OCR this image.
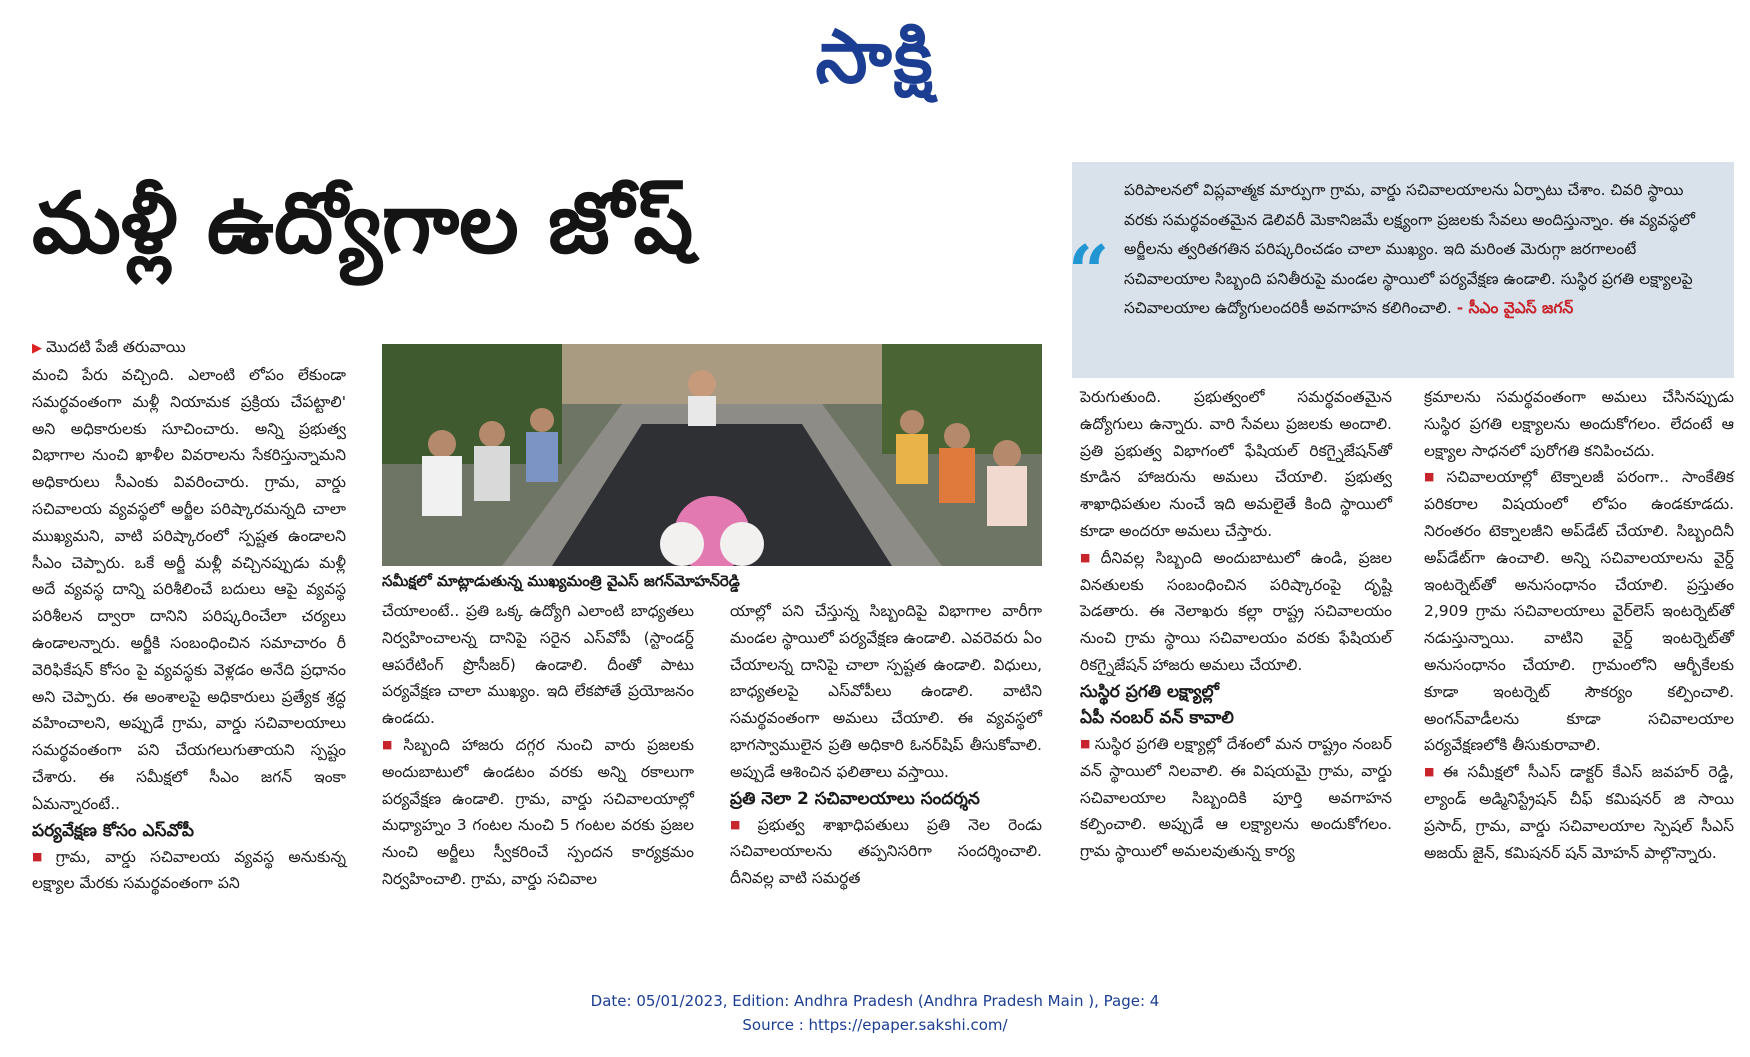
సాక్షి
మళ్లీ ఉద్యోగాల జోష్	పరిపాలనలో విప్లవాత్మక మార్పుగా గ్రామ, వార్డు సచివాలయాలను ఏర్పాటు చేశాం. చివరి స్థాయి వరకు సమర్థవంతమైన డెలివరీ మెకానిజమే లక్ష్యంగా ప్రజలకు సేవలు అందిస్తున్నాం. ఈ వ్యవస్థలో అర్జీలను త్వరితగతిన పరిష్కరించడం చాలా ముఖ్యం. ఇది మరింత మెరుగ్గా జరగాలంటే సచివాలయాల సిబ్బంది పనితీరుపై మండల స్థాయిలో పర్యవేక్షణ ఉండాలి. సుస్థిర ప్రగతి లక్ష్యాలపై సచివాలయాల ఉద్యోగులందరికీ అవగాహన కలిగించాలి. - సీఎం వైఎస్ జగన్
“

▶ మొదటి పేజీ తరువాయి

మంచి పేరు వచ్చింది. ఎలాంటి లోపం లేకుండా సమర్థవంతంగా మళ్లీ నియామక ప్రక్రియ చేపట్టాలి' అని అధికారులకు సూచించారు. అన్ని ప్రభుత్వ విభాగాల నుంచి ఖాళీల వివరాలను సేకరిస్తున్నామని అధికారులు సీఎంకు వివరించారు. గ్రామ, వార్డు సచివాలయ వ్యవస్థలో అర్జీల పరిష్కారమన్నది చాలా ముఖ్యమని, వాటి పరిష్కారంలో స్పష్టత ఉండాలని సీఎం చెప్పారు. ఒకే అర్జీ మళ్లీ వచ్చినప్పుడు మళ్లీ అదే వ్యవస్థ దాన్ని పరిశీలించే బదులు ఆపై వ్యవస్థ పరిశీలన ద్వారా దానిని పరిష్కరించేలా చర్యలు ఉండాలన్నారు. అర్జీకి సంబంధించిన సమాచారం రీ వెరిఫికేషన్ కోసం పై వ్యవస్థకు వెళ్లడం అనేది ప్రధానం అని చెప్పారు. ఈ అంశాలపై అధికారులు ప్రత్యేక శ్రద్ధ వహించాలని, అప్పుడే గ్రామ, వార్డు సచివాలయాలు సమర్థవంతంగా పని చేయగలుగుతాయని స్పష్టం చేశారు. ఈ సమీక్షలో సీఎం జగన్ ఇంకా ఏమన్నారంటే..

పర్యవేక్షణ కోసం ఎస్‌వోపీ

■ గ్రామ, వార్డు సచివాలయ వ్యవస్థ అనుకున్న లక్ష్యాల మేరకు సమర్థవంతంగా పని

సమీక్షలో మాట్లాడుతున్న ముఖ్యమంత్రి వైఎస్ జగన్‌మోహన్‌రెడ్డి

చేయాలంటే.. ప్రతి ఒక్క ఉద్యోగి ఎలాంటి బాధ్యతలు నిర్వహించాలన్న దానిపై సరైన ఎస్‌వోపీ (స్టాండర్డ్ ఆపరేటింగ్ ప్రొసీజర్) ఉండాలి. దీంతో పాటు పర్యవేక్షణ చాలా ముఖ్యం. ఇది లేకపోతే ప్రయోజనం ఉండదు.

■ సిబ్బంది హాజరు దగ్గర నుంచి వారు ప్రజలకు అందుబాటులో ఉండటం వరకు అన్ని రకాలుగా పర్యవేక్షణ ఉండాలి. గ్రామ, వార్డు సచివాలయాల్లో మధ్యాహ్నం 3 గంటల నుంచి 5 గంటల వరకు ప్రజల నుంచి అర్జీలు స్వీకరించే స్పందన కార్యక్రమం నిర్వహించాలి. గ్రామ, వార్డు సచివాల

యాల్లో పని చేస్తున్న సిబ్బందిపై విభాగాల వారీగా మండల స్థాయిలో పర్యవేక్షణ ఉండాలి. ఎవరెవరు ఏం చేయాలన్న దానిపై చాలా స్పష్టత ఉండాలి. విధులు, బాధ్యతలపై ఎస్‌వోపీలు ఉండాలి. వాటిని సమర్థవంతంగా అమలు చేయాలి. ఈ వ్యవస్థలో భాగస్వాములైన ప్రతి అధికారి ఓనర్‌షిప్ తీసుకోవాలి. అప్పుడే ఆశించిన ఫలితాలు వస్తాయి.

ప్రతి నెలా 2 సచివాలయాలు సందర్శన

■ ప్రభుత్వ శాఖాధిపతులు ప్రతి నెల రెండు సచివాలయాలను తప్పనిసరిగా సందర్శించాలి. దీనివల్ల వాటి సమర్థత

పెరుగుతుంది. ప్రభుత్వంలో సమర్థవంతమైన ఉద్యోగులు ఉన్నారు. వారి సేవలు ప్రజలకు అందాలి. ప్రతి ప్రభుత్వ విభాగంలో ఫేషియల్ రికగ్నైజేషన్‌తో కూడిన హాజరును అమలు చేయాలి. ప్రభుత్వ శాఖాధిపతుల నుంచే ఇది అమలైతే కింది స్థాయిలో కూడా అందరూ అమలు చేస్తారు.

■ దీనివల్ల సిబ్బంది అందుబాటులో ఉండి, ప్రజల వినతులకు సంబంధించిన పరిష్కారంపై దృష్టి పెడతారు. ఈ నెలాఖరు కల్లా రాష్ట్ర సచివాలయం నుంచి గ్రామ స్థాయి సచివాలయం వరకు ఫేషియల్ రికగ్నైజేషన్ హాజరు అమలు చేయాలి.

సుస్థిర ప్రగతి లక్ష్యాల్లో

ఏపీ నంబర్ వన్ కావాలి

■ సుస్థిర ప్రగతి లక్ష్యాల్లో దేశంలో మన రాష్ట్రం నంబర్ వన్ స్థాయిలో నిలవాలి. ఈ విషయమై గ్రామ, వార్డు సచివాలయాల సిబ్బందికి పూర్తి అవగాహన కల్పించాలి. అప్పుడే ఆ లక్ష్యాలను అందుకోగలం. గ్రామ స్థాయిలో అమలవుతున్న కార్య

క్రమాలను సమర్థవంతంగా అమలు చేసినప్పుడు సుస్థిర ప్రగతి లక్ష్యాలను అందుకోగలం. లేదంటే ఆ లక్ష్యాల సాధనలో పురోగతి కనిపించదు.

■ సచివాలయాల్లో టెక్నాలజీ పరంగా.. సాంకేతిక పరికరాల విషయంలో లోపం ఉండకూడదు. నిరంతరం టెక్నాలజీని అప్‌డేట్ చేయాలి. సిబ్బందినీ అప్‌డేట్‌గా ఉంచాలి. అన్ని సచివాలయాలను వైర్డ్ ఇంటర్నెట్‌తో అనుసంధానం చేయాలి. ప్రస్తుతం 2,909 గ్రామ సచివాలయాలు వైర్‌లెస్ ఇంటర్నెట్‌తో నడుస్తున్నాయి. వాటిని వైర్డ్ ఇంటర్నెట్‌తో అనుసంధానం చేయాలి. గ్రామంలోని ఆర్బీకేలకు కూడా ఇంటర్నెట్ సౌకర్యం కల్పించాలి. అంగన్‌వాడీలను కూడా సచివాలయాల పర్యవేక్షణలోకి తీసుకురావాలి.

■ ఈ సమీక్షలో సీఎస్ డాక్టర్ కేఎస్ జవహర్ రెడ్డి, ల్యాండ్ అడ్మినిస్ట్రేషన్ చీఫ్ కమిషనర్ జి సాయి ప్రసాద్, గ్రామ, వార్డు సచివాలయాల స్పెషల్ సీఎస్ అజయ్ జైన్, కమిషనర్ షన్ మోహన్ పాల్గొన్నారు.

Date: 05/01/2023, Edition: Andhra Pradesh (Andhra Pradesh Main ), Page: 4
Source : https://epaper.sakshi.com/
